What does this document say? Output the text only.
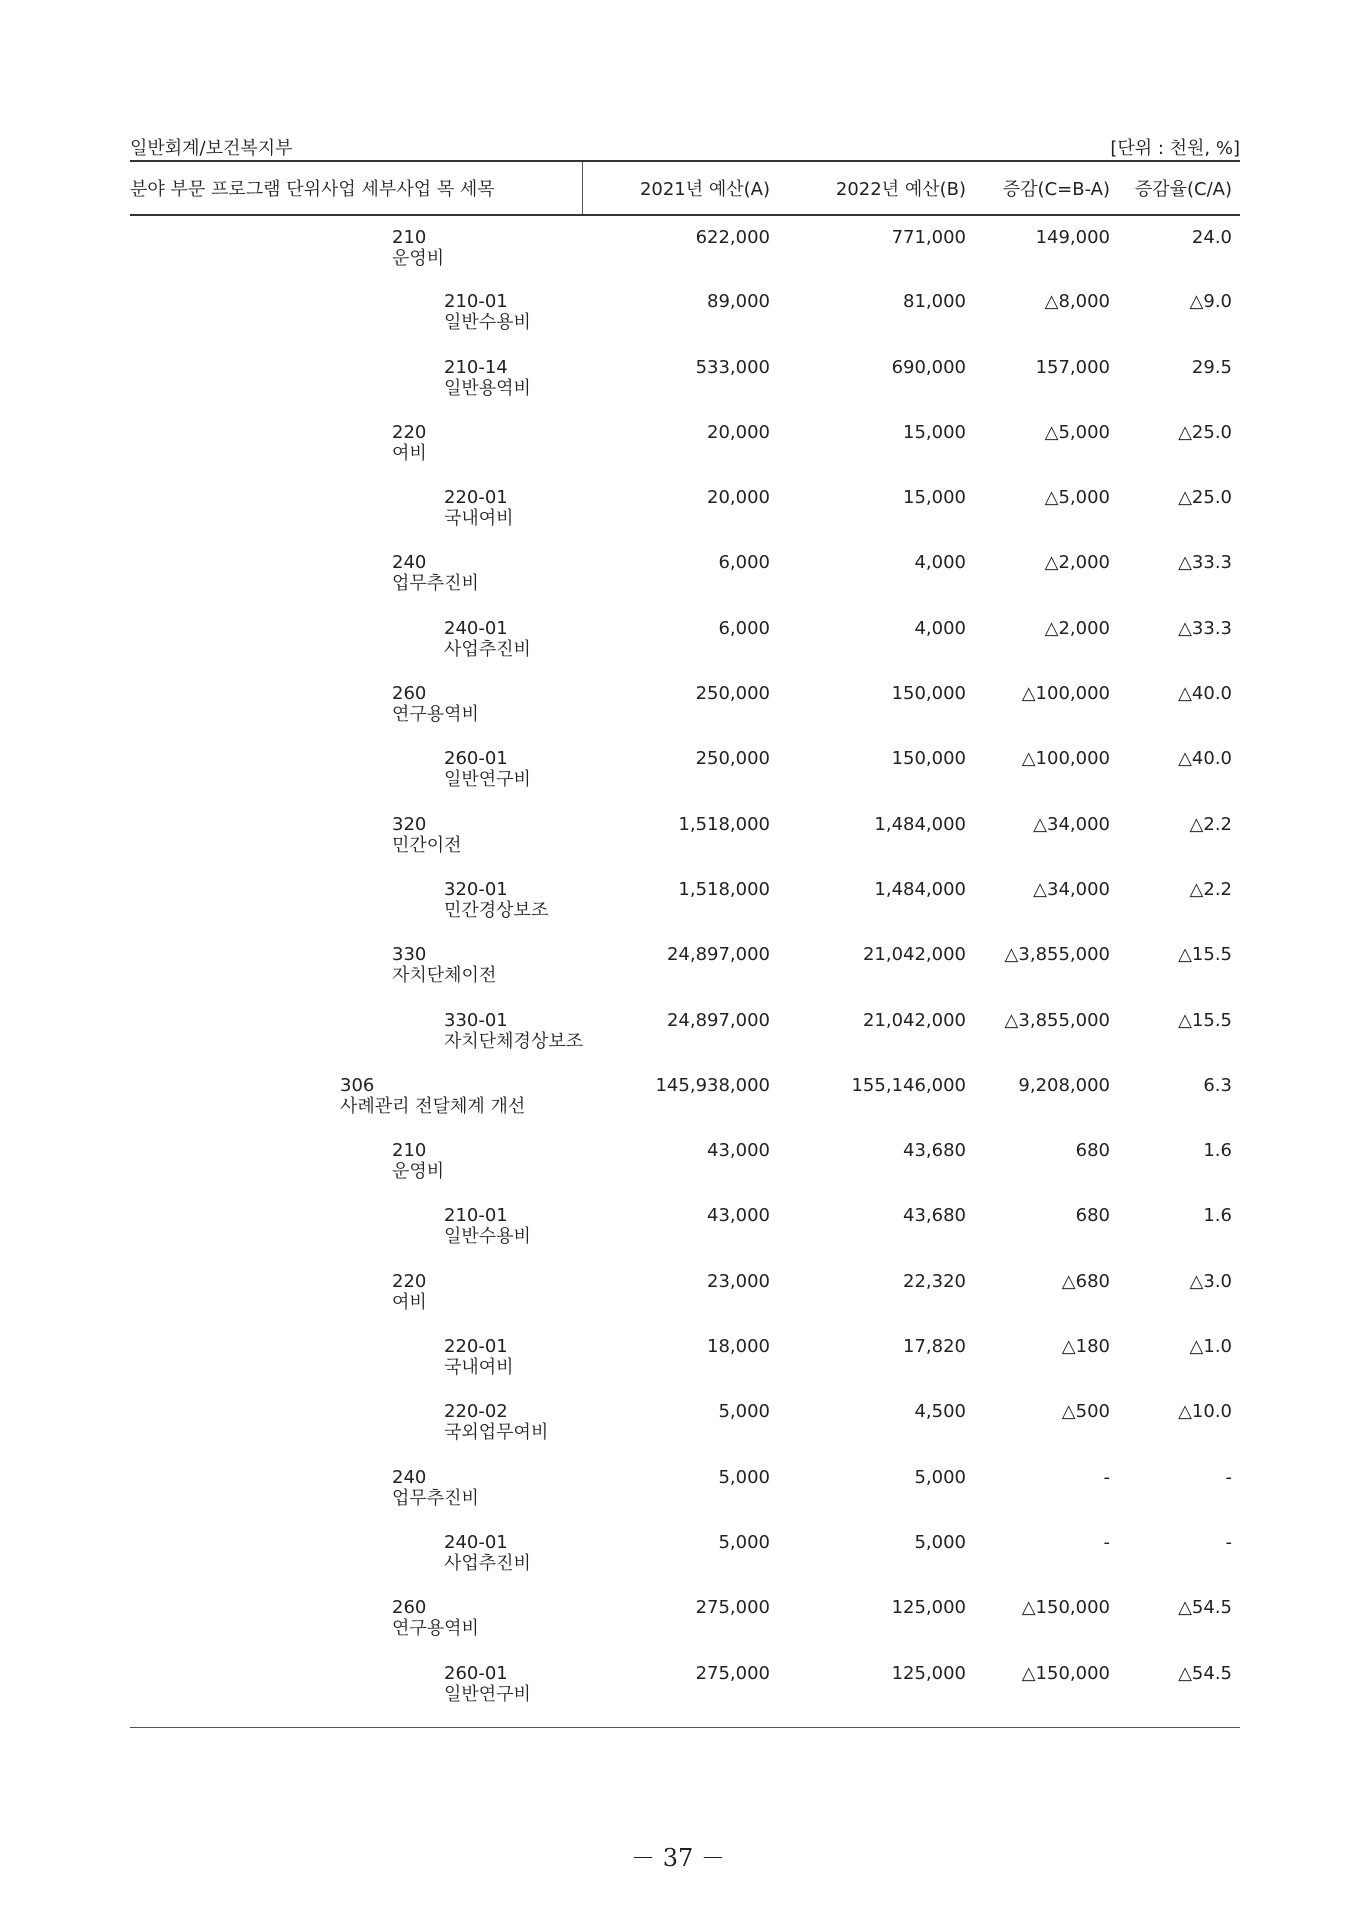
일반회계/보건복지부	[단위 : 천원, %]
분야 부문 프로그램 단위사업 세부사업 목 세목	2021년 예산(A)	2022년 예산(B)	증감(C=B-A)	증감율(C/A)

210
운영비	622,000	771,000	149,000	24.0

210-01
일반수용비	89,000	81,000	△8,000	△9.0

210-14
일반용역비	533,000	690,000	157,000	29.5

220
여비	20,000	15,000	△5,000	△25.0

220-01
국내여비	20,000	15,000	△5,000	△25.0

240
업무추진비	6,000	4,000	△2,000	△33.3

240-01
사업추진비	6,000	4,000	△2,000	△33.3

260
연구용역비	250,000	150,000	△100,000	△40.0

260-01
일반연구비	250,000	150,000	△100,000	△40.0

320
민간이전	1,518,000	1,484,000	△34,000	△2.2

320-01
민간경상보조	1,518,000	1,484,000	△34,000	△2.2

330
자치단체이전	24,897,000	21,042,000	△3,855,000	△15.5

330-01
자치단체경상보조	24,897,000	21,042,000	△3,855,000	△15.5

306
사례관리 전달체계 개선	145,938,000	155,146,000	9,208,000	6.3

210
운영비	43,000	43,680	680	1.6

210-01
일반수용비	43,000	43,680	680	1.6

220
여비	23,000	22,320	△680	△3.0

220-01
국내여비	18,000	17,820	△180	△1.0

220-02
국외업무여비	5,000	4,500	△500	△10.0

240
업무추진비	5,000	5,000	-	-

240-01
사업추진비	5,000	5,000	-	-

260
연구용역비	275,000	125,000	△150,000	△54.5

260-01
일반연구비	275,000	125,000	△150,000	△54.5
－ 37 －
